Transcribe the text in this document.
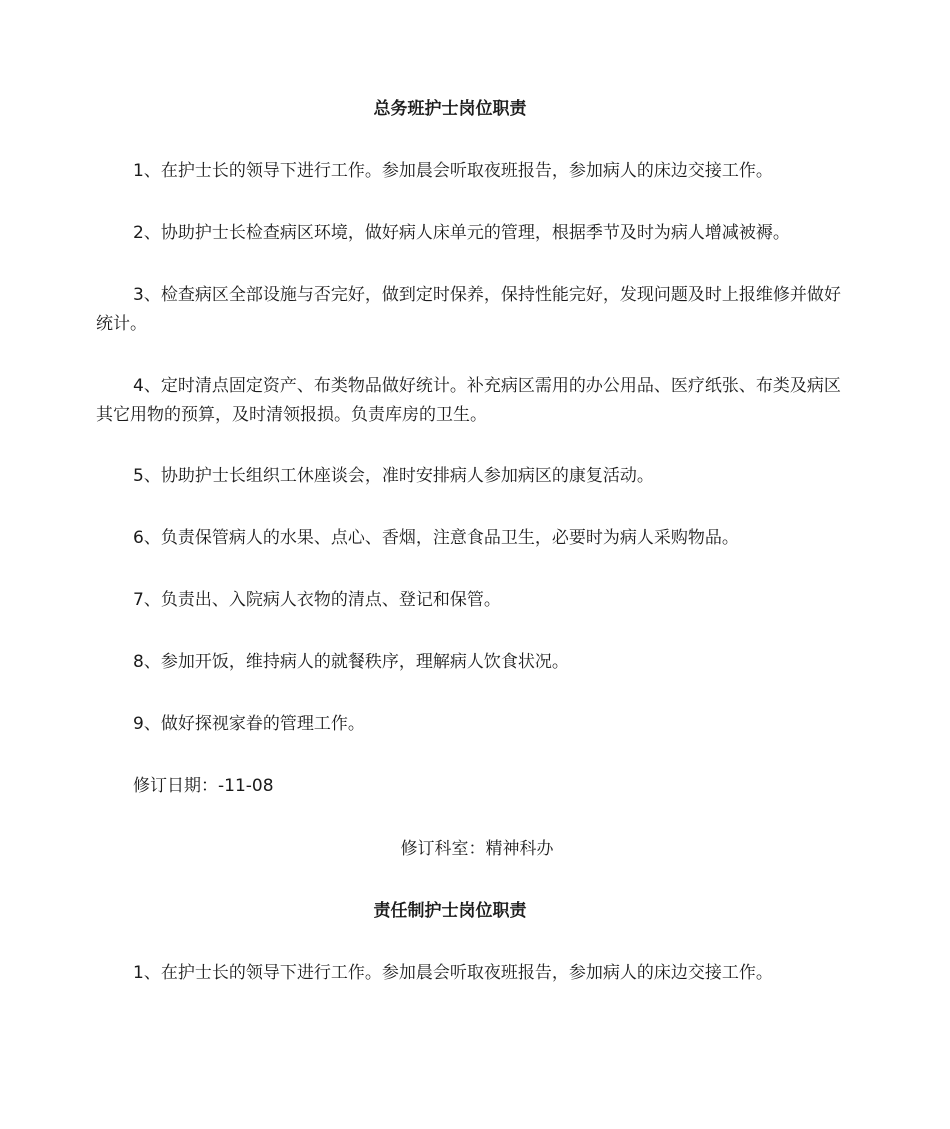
总务班护士岗位职责
1、在护士长的领导下进行工作。参加晨会听取夜班报告，参加病人的床边交接工作。
2、协助护士长检查病区环境，做好病人床单元的管理，根据季节及时为病人增减被褥。
3、检查病区全部设施与否完好，做到定时保养，保持性能完好，发现问题及时上报维修并做好统计。
4、定时清点固定资产、布类物品做好统计。补充病区需用的办公用品、医疗纸张、布类及病区其它用物的预算，及时清领报损。负责库房的卫生。
5、协助护士长组织工休座谈会，准时安排病人参加病区的康复活动。
6、负责保管病人的水果、点心、香烟，注意食品卫生，必要时为病人采购物品。
7、负责出、入院病人衣物的清点、登记和保管。
8、参加开饭，维持病人的就餐秩序，理解病人饮食状况。
9、做好探视家眷的管理工作。
修订日期：-11-08
修订科室：精神科办
责任制护士岗位职责
1、在护士长的领导下进行工作。参加晨会听取夜班报告，参加病人的床边交接工作。
